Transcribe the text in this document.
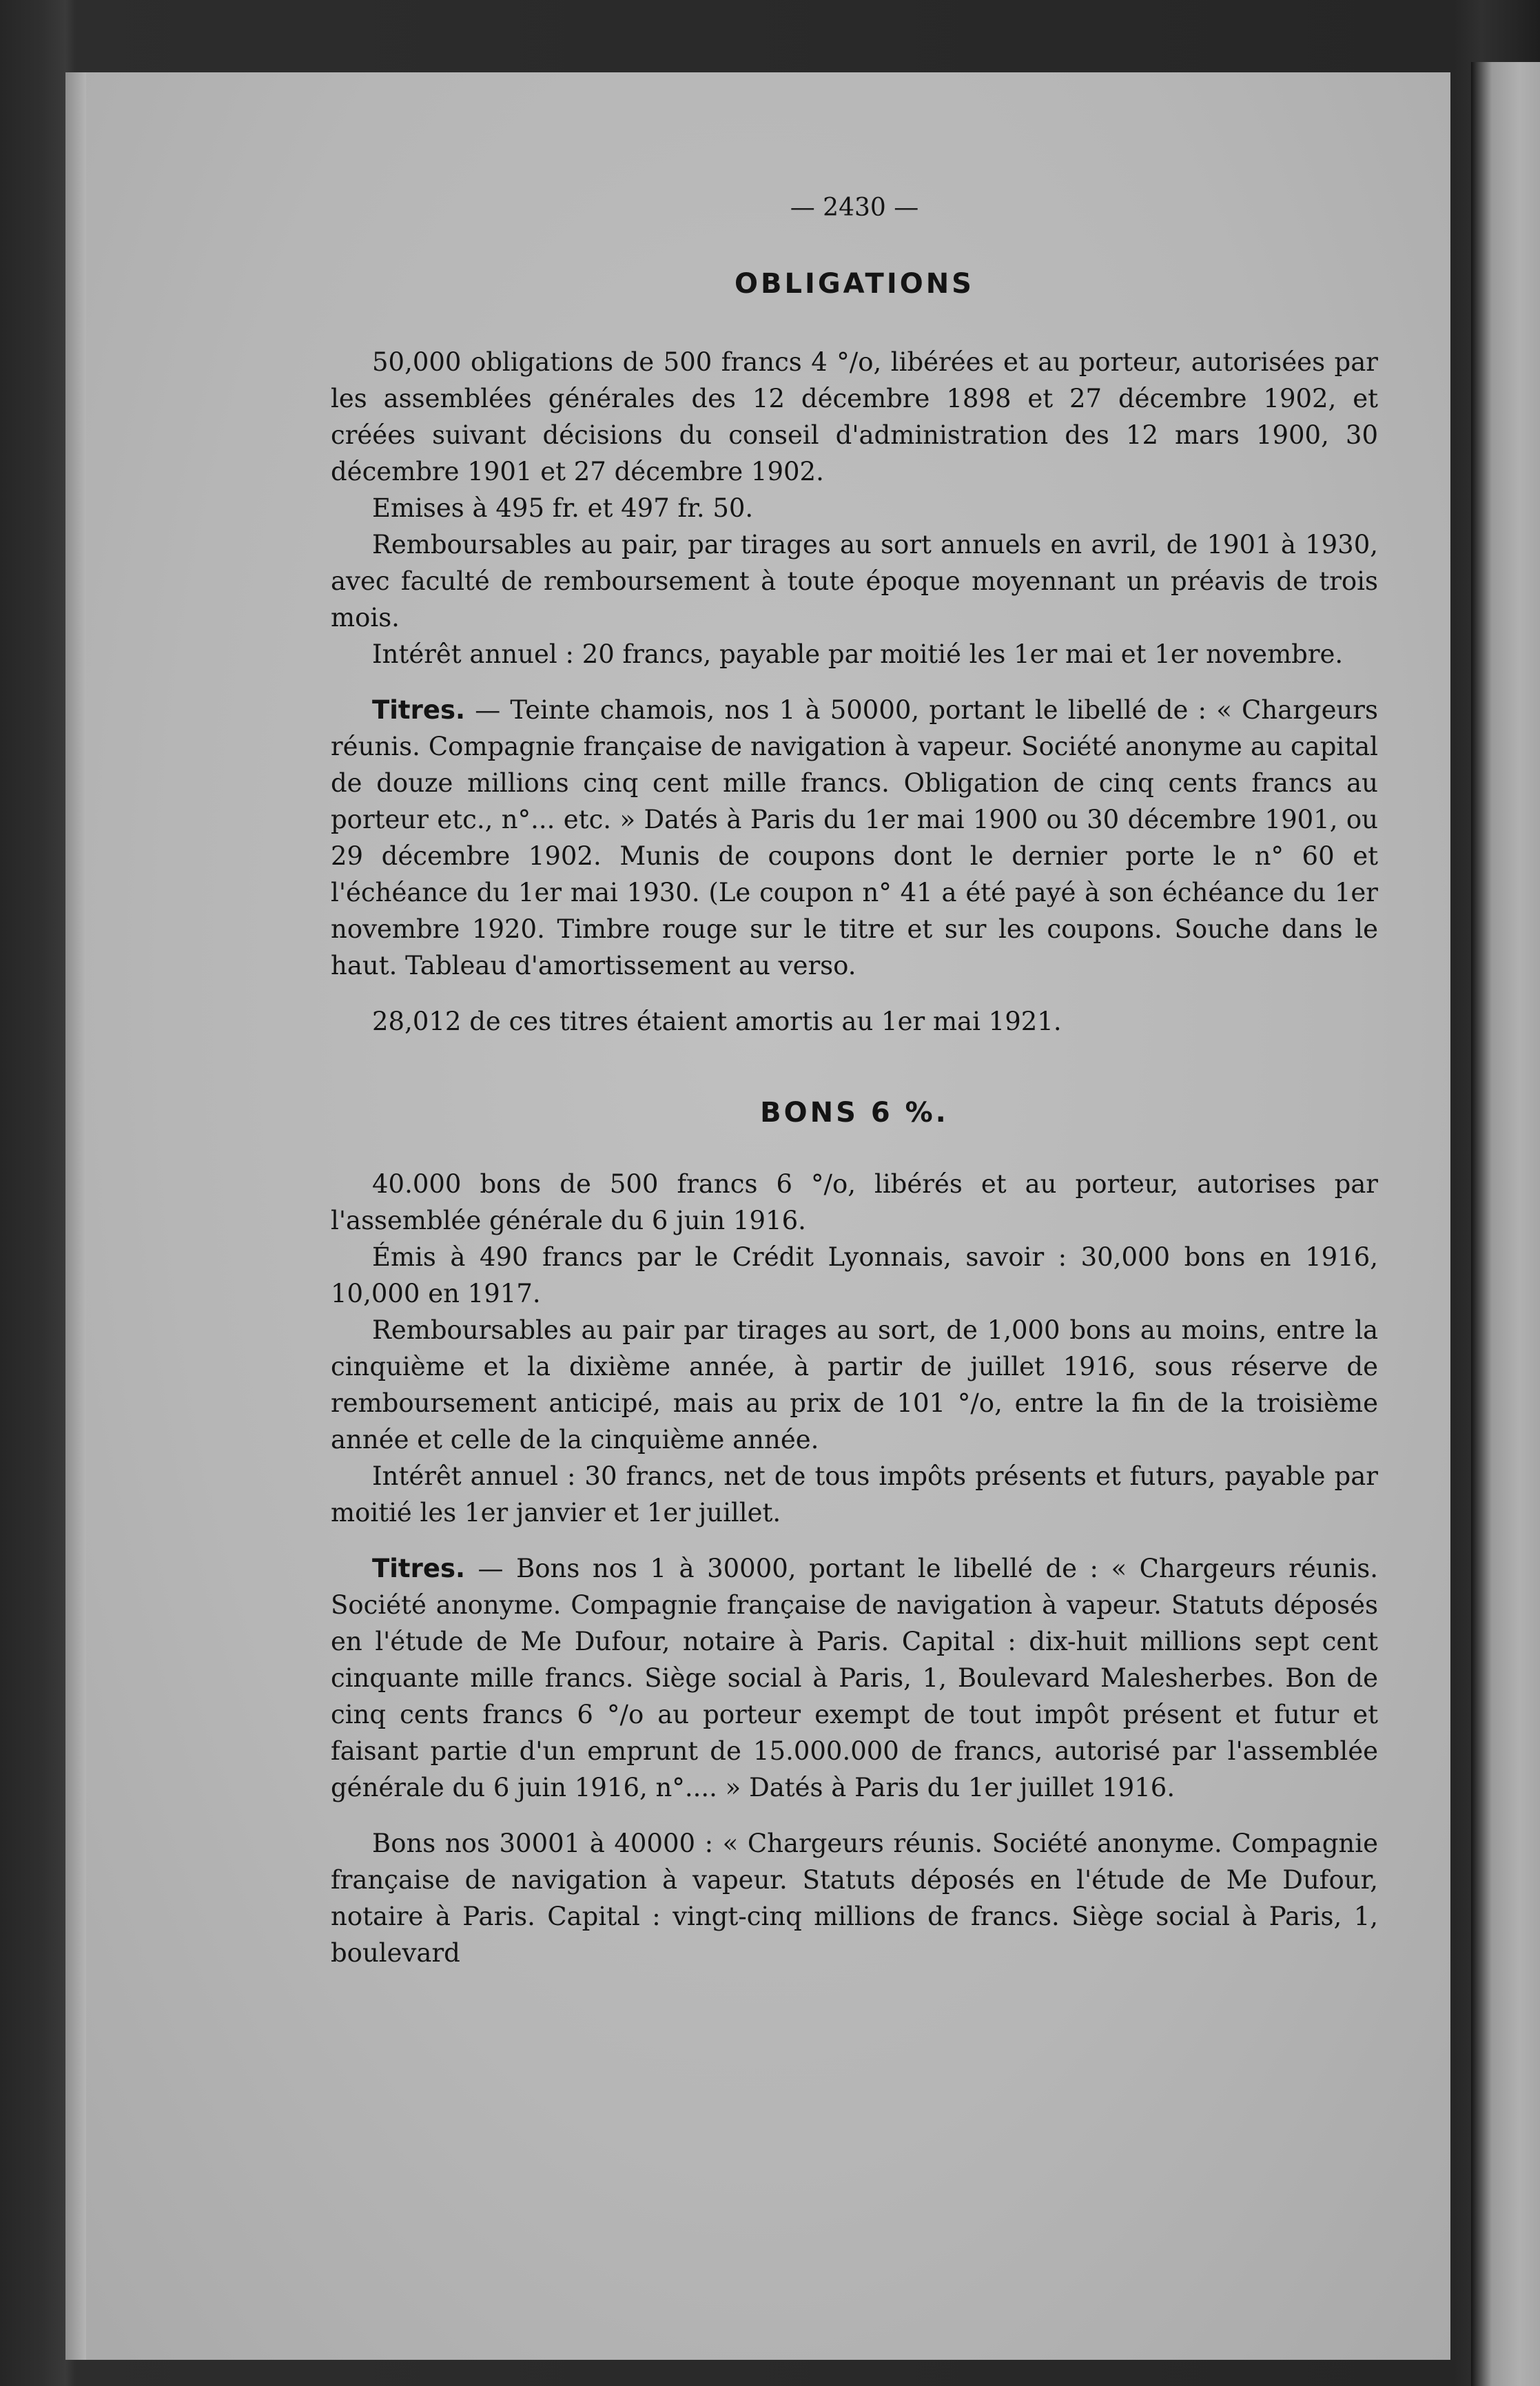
— 2430 —
OBLIGATIONS

50,000 obligations de 500 francs 4 °/o, libérées et au porteur, autorisées par les assemblées générales des 12 décembre 1898 et 27 décembre 1902, et créées suivant décisions du conseil d'administration des 12 mars 1900, 30 décembre 1901 et 27 décembre 1902.

Emises à 495 fr. et 497 fr. 50.

Remboursables au pair, par tirages au sort annuels en avril, de 1901 à 1930, avec faculté de remboursement à toute époque moyennant un préavis de trois mois.

Intérêt annuel : 20 francs, payable par moitié les 1er mai et 1er novembre.

Titres. — Teinte chamois, nos 1 à 50000, portant le libellé de : « Chargeurs réunis. Compagnie française de navigation à vapeur. Société anonyme au capital de douze millions cinq cent mille francs. Obligation de cinq cents francs au porteur etc., n°... etc. » Datés à Paris du 1er mai 1900 ou 30 décembre 1901, ou 29 décembre 1902. Munis de coupons dont le dernier porte le n° 60 et l'échéance du 1er mai 1930. (Le coupon n° 41 a été payé à son échéance du 1er novembre 1920. Timbre rouge sur le titre et sur les coupons. Souche dans le haut. Tableau d'amortissement au verso.

28,012 de ces titres étaient amortis au 1er mai 1921.

BONS 6 %.

40.000 bons de 500 francs 6 °/o, libérés et au porteur, autorises par l'assemblée générale du 6 juin 1916.

Émis à 490 francs par le Crédit Lyonnais, savoir : 30,000 bons en 1916, 10,000 en 1917.

Remboursables au pair par tirages au sort, de 1,000 bons au moins, entre la cinquième et la dixième année, à partir de juillet 1916, sous réserve de remboursement anticipé, mais au prix de 101 °/o, entre la fin de la troisième année et celle de la cinquième année.

Intérêt annuel : 30 francs, net de tous impôts présents et futurs, payable par moitié les 1er janvier et 1er juillet.

Titres. — Bons nos 1 à 30000, portant le libellé de : « Chargeurs réunis. Société anonyme. Compagnie française de navigation à vapeur. Statuts déposés en l'étude de Me Dufour, notaire à Paris. Capital : dix-huit millions sept cent cinquante mille francs. Siège social à Paris, 1, Boulevard Malesherbes. Bon de cinq cents francs 6 °/o au porteur exempt de tout impôt présent et futur et faisant partie d'un emprunt de 15.000.000 de francs, autorisé par l'assemblée générale du 6 juin 1916, n°.... » Datés à Paris du 1er juillet 1916.

Bons nos 30001 à 40000 : « Chargeurs réunis. Société anonyme. Compagnie française de navigation à vapeur. Statuts déposés en l'étude de Me Dufour, notaire à Paris. Capital : vingt-cinq millions de francs. Siège social à Paris, 1, boulevard
